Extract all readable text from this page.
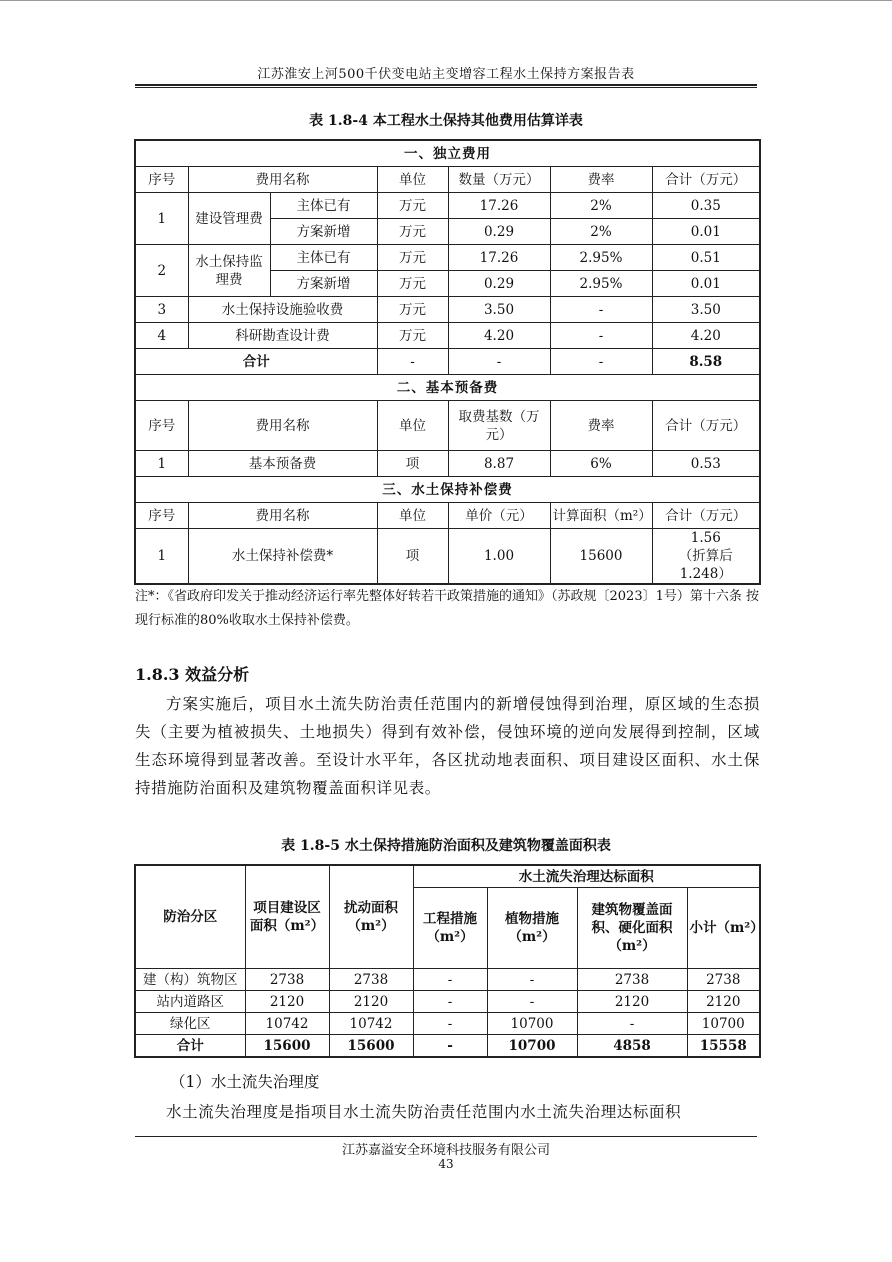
江苏淮安上河500千伏变电站主变增容工程水土保持方案报告表
表 1.8-4 本工程水土保持其他费用估算详表
一、独立费用						
序号	费用名称		单位	数量（万元）	费率	合计（万元）
1	建设管理费	主体已有	万元	17.26	2%	0.35
		方案新增	万元	0.29	2%	0.01
2	水土保持监理费	主体已有	万元	17.26	2.95%	0.51
		方案新增	万元	0.29	2.95%	0.01
3	水土保持设施验收费		万元	3.50	-	3.50
4	科研勘查设计费		万元	4.20	-	4.20
合计			-	-	-	8.58
二、基本预备费						
序号	费用名称		单位	取费基数（万元）	费率	合计（万元）
1	基本预备费		项	8.87	6%	0.53
三、水土保持补偿费						
序号	费用名称		单位	单价（元）	计算面积（m²）	合计（万元）
1	水土保持补偿费*		项	1.00	15600	1.56
（折算后 1.248）
注*：《省政府印发关于推动经济运行率先整体好转若干政策措施的通知》（苏政规〔2023〕1号）第十六条 按现行标准的80%收取水土保持补偿费。
1.8.3 效益分析
方案实施后，项目水土流失防治责任范围内的新增侵蚀得到治理，原区域的生态损失（主要为植被损失、土地损失）得到有效补偿，侵蚀环境的逆向发展得到控制，区域生态环境得到显著改善。至设计水平年，各区扰动地表面积、项目建设区面积、水土保持措施防治面积及建筑物覆盖面积详见表。
表 1.8-5 水土保持措施防治面积及建筑物覆盖面积表
防治分区	项目建设区面积（m²）	扰动面积（m²）	水土流失治理达标面积			
			工程措施（m²）	植物措施（m²）	建筑物覆盖面积、硬化面积（m²）	小计（m²）
建（构）筑物区	2738	2738	-	-	2738	2738
站内道路区	2120	2120	-	-	2120	2120
绿化区	10742	10742	-	10700	-	10700
合计	15600	15600	-	10700	4858	15558
（1）水土流失治理度
水土流失治理度是指项目水土流失防治责任范围内水土流失治理达标面积
江苏嘉溢安全环境科技服务有限公司
43
